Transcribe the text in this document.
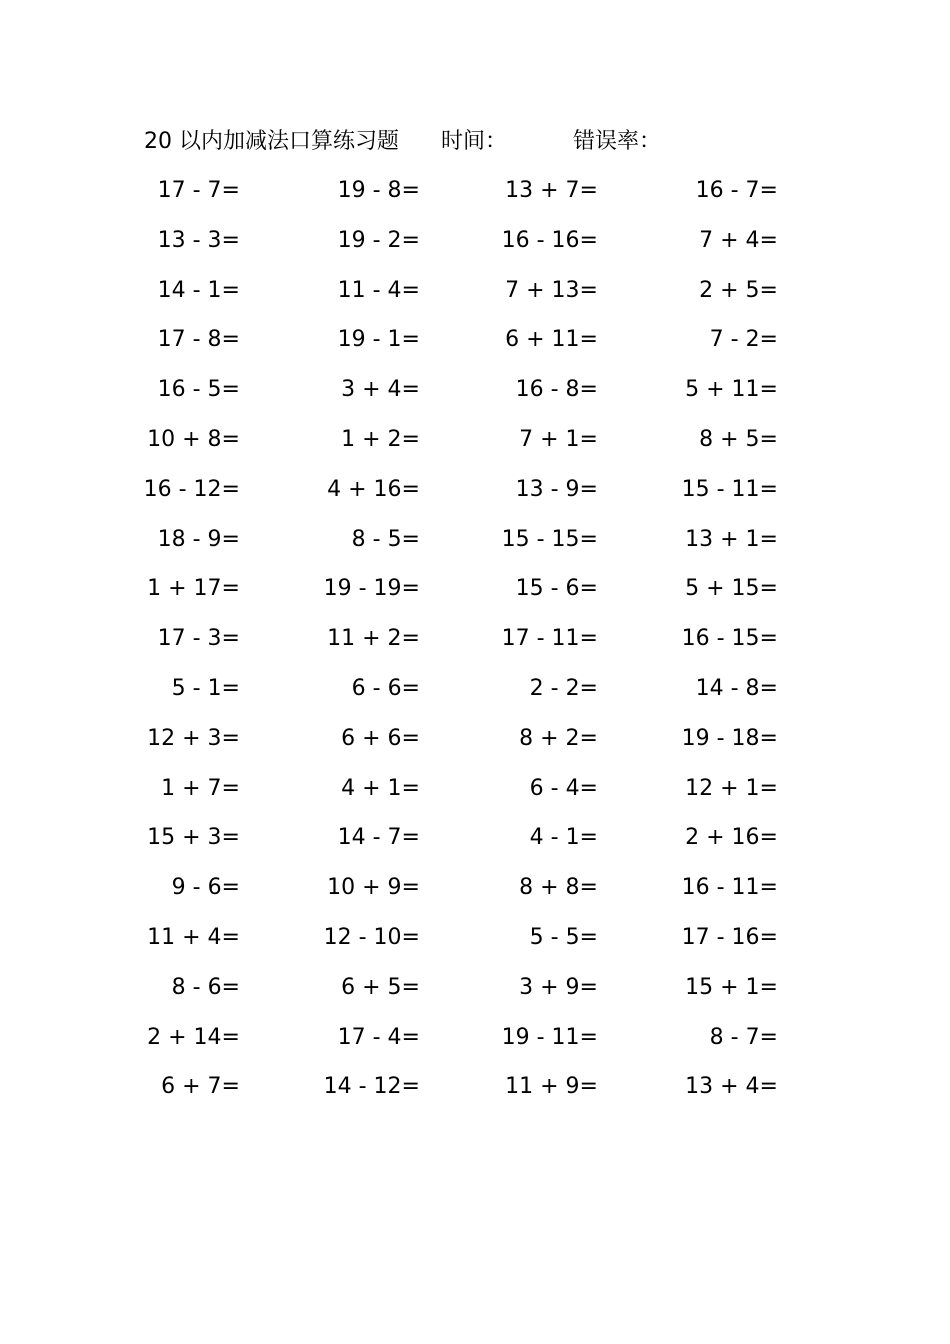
20 以内加减法口算练习题 时间：	错误率：
17 - 7=	19 - 8=	13 + 7=	16 - 7=
13 - 3=	19 - 2=	16 - 16=	7 + 4=
14 - 1=	11 - 4=	7 + 13=	2 + 5=
17 - 8=	19 - 1=	6 + 11=	7 - 2=
16 - 5=	3 + 4=	16 - 8=	5 + 11=
10 + 8=	1 + 2=	7 + 1=	8 + 5=
16 - 12=	4 + 16=	13 - 9=	15 - 11=
18 - 9=	8 - 5=	15 - 15=	13 + 1=
1 + 17=	19 - 19=	15 - 6=	5 + 15=
17 - 3=	11 + 2=	17 - 11=	16 - 15=
5 - 1=	6 - 6=	2 - 2=	14 - 8=
12 + 3=	6 + 6=	8 + 2=	19 - 18=
1 + 7=	4 + 1=	6 - 4=	12 + 1=
15 + 3=	14 - 7=	4 - 1=	2 + 16=
9 - 6=	10 + 9=	8 + 8=	16 - 11=
11 + 4=	12 - 10=	5 - 5=	17 - 16=
8 - 6=	6 + 5=	3 + 9=	15 + 1=
2 + 14=	17 - 4=	19 - 11=	8 - 7=
6 + 7=	14 - 12=	11 + 9=	13 + 4=
